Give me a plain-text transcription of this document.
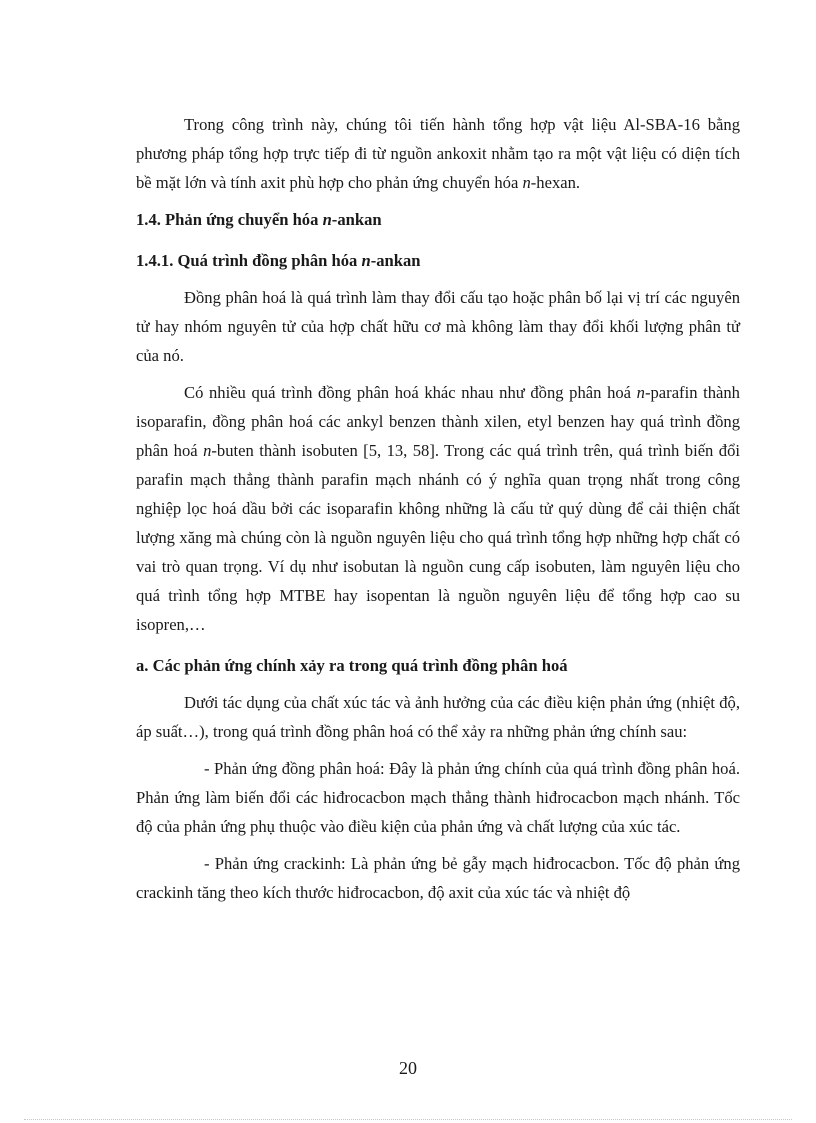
Trong công trình này, chúng tôi tiến hành tổng hợp vật liệu Al-SBA-16 bằng phương pháp tổng hợp trực tiếp đi từ nguồn ankoxit nhằm tạo ra một vật liệu có diện tích bề mặt lớn và tính axit phù hợp cho phản ứng chuyển hóa n-hexan.

1.4. Phản ứng chuyển hóa n-ankan
1.4.1. Quá trình đồng phân hóa n-ankan

Đồng phân hoá là quá trình làm thay đổi cấu tạo hoặc phân bố lại vị trí các nguyên tử hay nhóm nguyên tử của hợp chất hữu cơ mà không làm thay đổi khối lượng phân tử của nó.

Có nhiều quá trình đồng phân hoá khác nhau như đồng phân hoá n-parafin thành isoparafin, đồng phân hoá các ankyl benzen thành xilen, etyl benzen hay quá trình đồng phân hoá n-buten thành isobuten [5, 13, 58]. Trong các quá trình trên, quá trình biến đổi parafin mạch thẳng thành parafin mạch nhánh có ý nghĩa quan trọng nhất trong công nghiệp lọc hoá dầu bởi các isoparafin không những là cấu tử quý dùng để cải thiện chất lượng xăng mà chúng còn là nguồn nguyên liệu cho quá trình tổng hợp những hợp chất có vai trò quan trọng. Ví dụ như isobutan là nguồn cung cấp isobuten, làm nguyên liệu cho quá trình tổng hợp MTBE hay isopentan là nguồn nguyên liệu để tổng hợp cao su isopren,…

a. Các phản ứng chính xảy ra trong quá trình đồng phân hoá

Dưới tác dụng của chất xúc tác và ảnh hưởng của các điều kiện phản ứng (nhiệt độ, áp suất…), trong quá trình đồng phân hoá có thể xảy ra những phản ứng chính sau:

- Phản ứng đồng phân hoá: Đây là phản ứng chính của quá trình đồng phân hoá. Phản ứng làm biến đổi các hiđrocacbon mạch thẳng thành hiđrocacbon mạch nhánh. Tốc độ của phản ứng phụ thuộc vào điều kiện của phản ứng và chất lượng của xúc tác.

- Phản ứng crackinh: Là phản ứng bẻ gẫy mạch hiđrocacbon. Tốc độ phản ứng crackinh tăng theo kích thước hiđrocacbon, độ axit của xúc tác và nhiệt độ

20
